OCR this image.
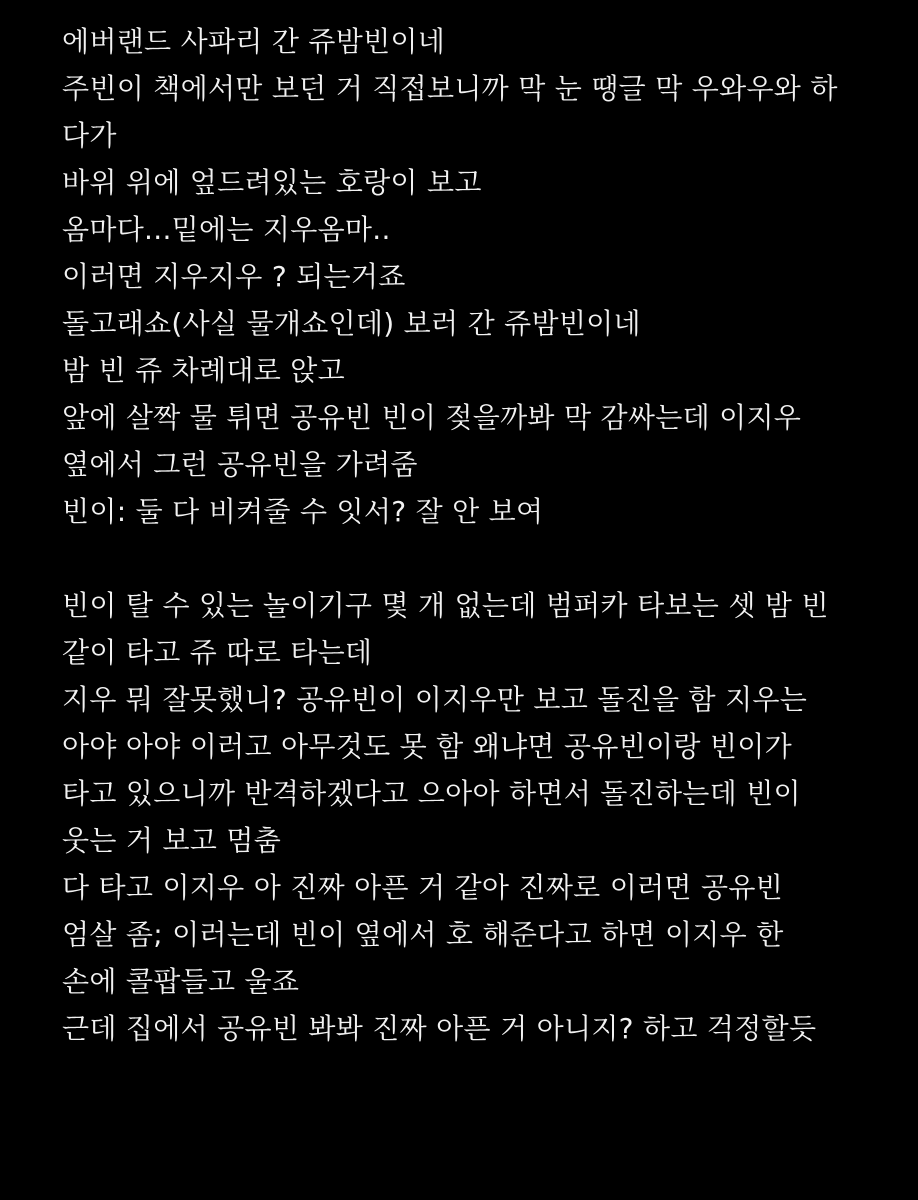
에버랜드 사파리 간 쥬밤빈이네
주빈이 책에서만 보던 거 직접보니까 막 눈 땡글 막 우와우와 하
다가
바위 위에 엎드려있는 호랑이 보고
옴마다...밑에는 지우옴마..
이러면 지우지우 ? 되는거죠
돌고래쇼(사실 물개쇼인데) 보러 간 쥬밤빈이네
밤 빈 쥬 차례대로 앉고
앞에 살짝 물 튀면 공유빈 빈이 젖을까봐 막 감싸는데 이지우
옆에서 그런 공유빈을 가려줌
빈이: 둘 다 비켜줄 수 잇서? 잘 안 보여
빈이 탈 수 있는 놀이기구 몇 개 없는데 범퍼카 타보는 셋 밤 빈
같이 타고 쥬 따로 타는데
지우 뭐 잘못했니? 공유빈이 이지우만 보고 돌진을 함 지우는
아야 아야 이러고 아무것도 못 함 왜냐면 공유빈이랑 빈이가
타고 있으니까 반격하겠다고 으아아 하면서 돌진하는데 빈이
웃는 거 보고 멈춤
다 타고 이지우 아 진짜 아픈 거 같아 진짜로 이러면 공유빈
엄살 좀; 이러는데 빈이 옆에서 호 해준다고 하면 이지우 한
손에 콜팝들고 울죠
근데 집에서 공유빈 봐봐 진짜 아픈 거 아니지? 하고 걱정할듯
